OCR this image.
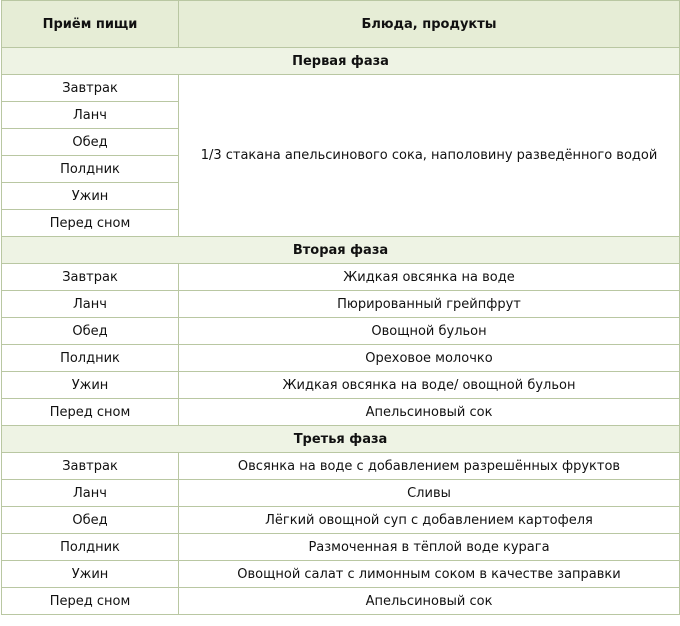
Приём пищи	Блюда, продукты
Первая фаза	
Завтрак	1/3 стакана апельсинового сока, наполовину разведённого водой
Ланч	
Обед	
Полдник	
Ужин	
Перед сном	
Вторая фаза	
Завтрак	Жидкая овсянка на воде
Ланч	Пюрированный грейпфрут
Обед	Овощной бульон
Полдник	Ореховое молочко
Ужин	Жидкая овсянка на воде/ овощной бульон
Перед сном	Апельсиновый сок
Третья фаза	
Завтрак	Овсянка на воде с добавлением разрешённых фруктов
Ланч	Сливы
Обед	Лёгкий овощной суп с добавлением картофеля
Полдник	Размоченная в тёплой воде курага
Ужин	Овощной салат с лимонным соком в качестве заправки
Перед сном	Апельсиновый сок
